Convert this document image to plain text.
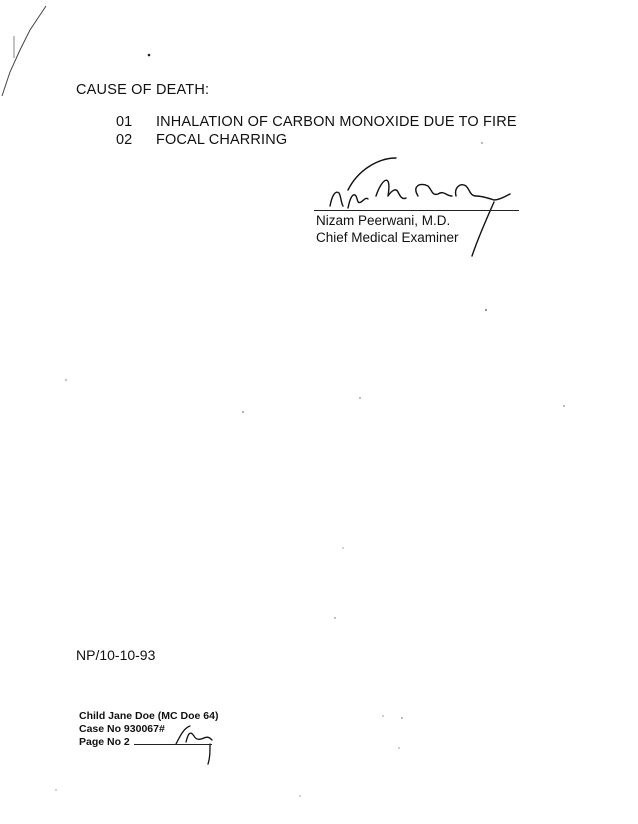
CAUSE OF DEATH:
01 INHALATION OF CARBON MONOXIDE DUE TO FIRE
02 FOCAL CHARRING
Nizam Peerwani, M.D.
Chief Medical Examiner
NP/10-10-93
Child Jane Doe (MC Doe 64)
Case No 930067#
Page No 2
